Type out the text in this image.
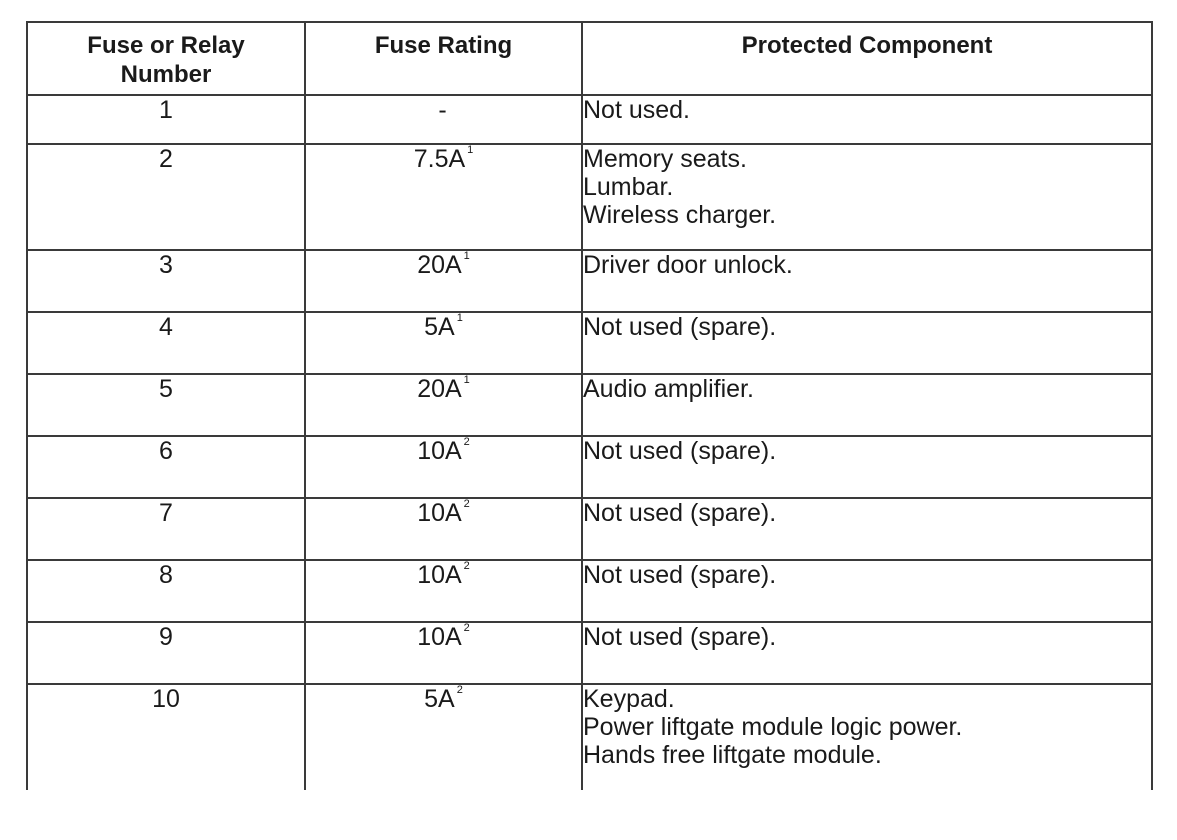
Fuse or Relay Number	Fuse Rating	Protected Component
1	-	Not used.

2	7.5A $^1$	Memory seats.
Lumbar.
Wireless charger.

3	20A $^1$	Driver door unlock.

4	5A $^1$	Not used (spare).

5	20A $^1$	Audio amplifier.

6	10A $^2$	Not used (spare).

7	10A $^2$	Not used (spare).

8	10A $^2$	Not used (spare).

9	10A $^2$	Not used (spare).

10	5A $^2$	Keypad.
Power liftgate module logic power.
Hands free liftgate module.
